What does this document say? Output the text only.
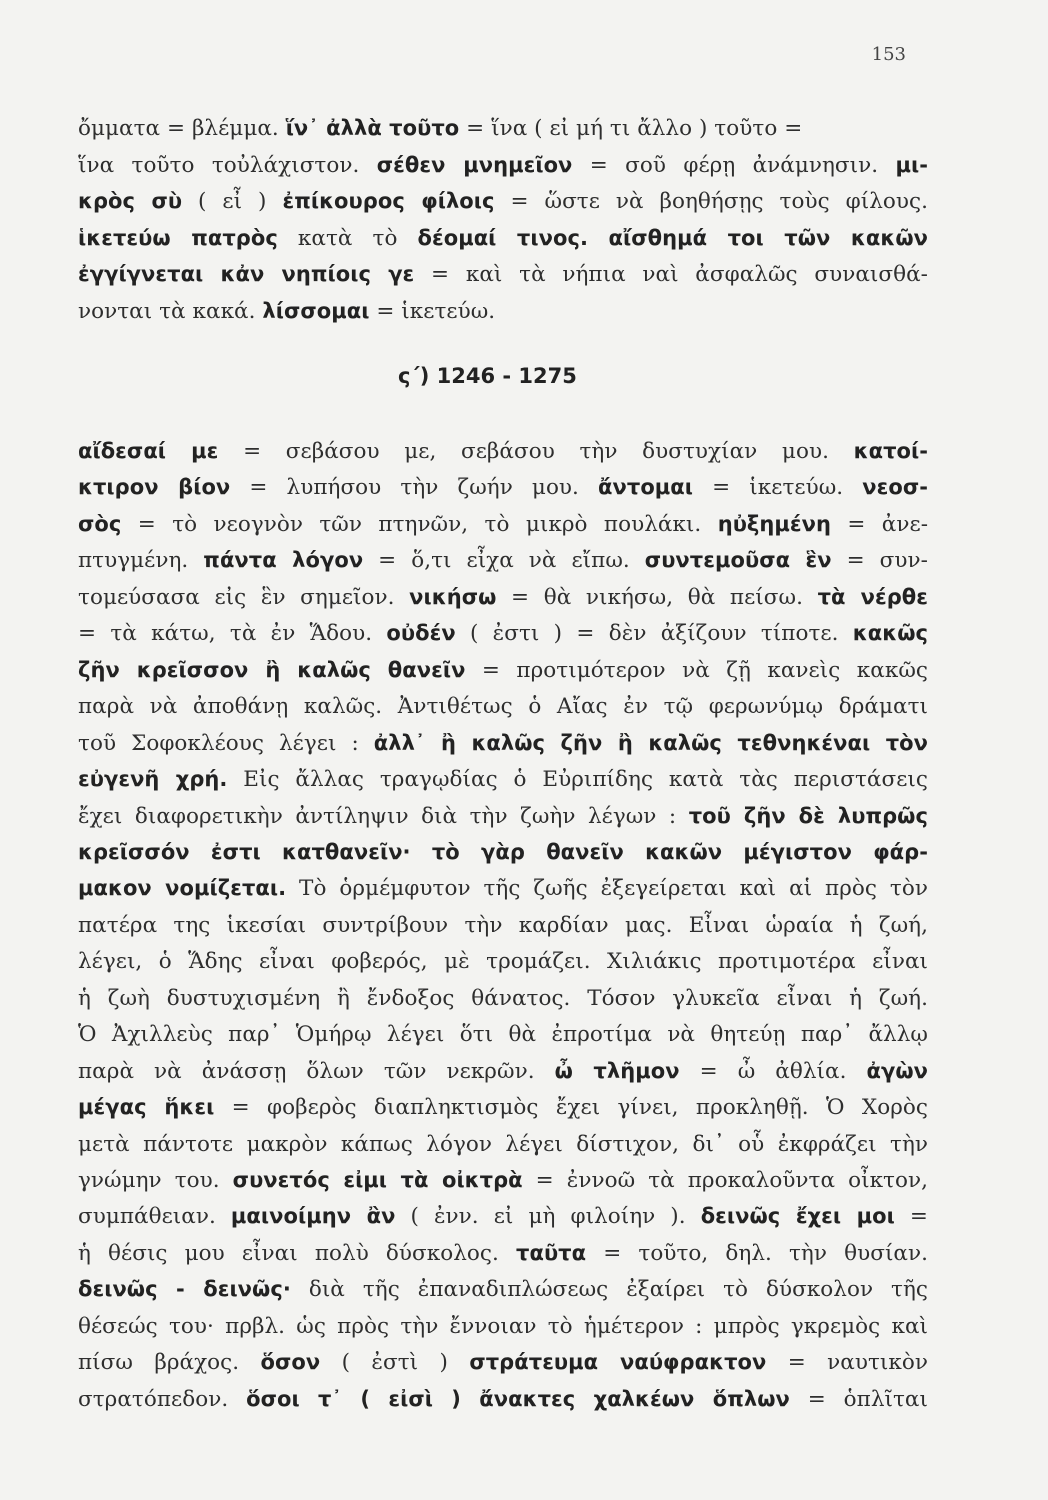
153
ὄμματα = βλέμμα. ἵν᾽ ἀλλὰ τοῦτο = ἵνα ( εἰ μή τι ἄλλο ) τοῦτο =
ἵνα τοῦτο τοὐλάχιστον. σέθεν μνημεῖον = σοῦ φέρῃ ἀνάμνησιν. μι-
κρὸς σὺ ( εἶ ) ἐπίκουρος φίλοις = ὥστε νὰ βοηθήσῃς τοὺς φίλους.
ἱκετεύω πατρὸς κατὰ τὸ δέομαί τινος. αἴσθημά τοι τῶν κακῶν
ἐγγίγνεται κἀν νηπίοις γε = καὶ τὰ νήπια ναὶ ἀσφαλῶς συναισθά-
νονται τὰ κακά. λίσσομαι = ἱκετεύω.
αἴδεσαί με = σεβάσου με, σεβάσου τὴν δυστυχίαν μου. κατοί-
κτιρον βίον = λυπήσου τὴν ζωήν μου. ἄντομαι = ἱκετεύω. νεοσ-
σὸς = τὸ νεογνὸν τῶν πτηνῶν, τὸ μικρὸ πουλάκι. ηὐξημένη = ἀνε-
πτυγμένη. πάντα λόγον = ὅ,τι εἶχα νὰ εἴπω. συντεμοῦσα ἓν = συν-
τομεύσασα εἰς ἓν σημεῖον. νικήσω = θὰ νικήσω, θὰ πείσω. τὰ νέρθε
= τὰ κάτω, τὰ ἐν Ἅδου. οὐδέν ( ἐστι ) = δὲν ἀξίζουν τίποτε. κακῶς
ζῆν κρεῖσσον ἢ καλῶς θανεῖν = προτιμότερον νὰ ζῇ κανεὶς κακῶς
παρὰ νὰ ἀποθάνῃ καλῶς. Ἀντιθέτως ὁ Αἴας ἐν τῷ φερωνύμῳ δράματι
τοῦ Σοφοκλέους λέγει : ἀλλ᾽ ἢ καλῶς ζῆν ἢ καλῶς τεθνηκέναι τὸν
εὐγενῆ χρή. Εἰς ἄλλας τραγῳδίας ὁ Εὐριπίδης κατὰ τὰς περιστάσεις
ἔχει διαφορετικὴν ἀντίληψιν διὰ τὴν ζωὴν λέγων : τοῦ ζῆν δὲ λυπρῶς
κρεῖσσόν ἐστι κατθανεῖν· τὸ γὰρ θανεῖν κακῶν μέγιστον φάρ-
μακον νομίζεται. Τὸ ὁρμέμφυτον τῆς ζωῆς ἐξεγείρεται καὶ αἱ πρὸς τὸν
πατέρα της ἱκεσίαι συντρίβουν τὴν καρδίαν μας. Εἶναι ὡραία ἡ ζωή,
λέγει, ὁ Ἅδης εἶναι φοβερός, μὲ τρομάζει. Χιλιάκις προτιμοτέρα εἶναι
ἡ ζωὴ δυστυχισμένη ἢ ἔνδοξος θάνατος. Τόσον γλυκεῖα εἶναι ἡ ζωή.
Ὁ Ἀχιλλεὺς παρ᾽ Ὁμήρῳ λέγει ὅτι θὰ ἐπροτίμα νὰ θητεύῃ παρ᾽ ἄλλῳ
παρὰ νὰ ἀνάσσῃ ὅλων τῶν νεκρῶν. ὦ τλῆμον = ὦ ἀθλία. ἀγὼν
μέγας ἥκει = φοβερὸς διαπληκτισμὸς ἔχει γίνει, προκληθῇ. Ὁ Χορὸς
μετὰ πάντοτε μακρὸν κάπως λόγον λέγει δίστιχον, δι᾽ οὗ ἐκφράζει τὴν
γνώμην του. συνετός εἰμι τὰ οἰκτρὰ = ἐννοῶ τὰ προκαλοῦντα οἶκτον,
συμπάθειαν. μαινοίμην ἂν ( ἐνν. εἰ μὴ φιλοίην ). δεινῶς ἔχει μοι =
ἡ θέσις μου εἶναι πολὺ δύσκολος. ταῦτα = τοῦτο, δηλ. τὴν θυσίαν.
δεινῶς - δεινῶς· διὰ τῆς ἐπαναδιπλώσεως ἐξαίρει τὸ δύσκολον τῆς
θέσεώς του· πρβλ. ὡς πρὸς τὴν ἔννοιαν τὸ ἡμέτερον : μπρὸς γκρεμὸς καὶ
πίσω βράχος. ὅσον ( ἐστὶ ) στράτευμα ναύφρακτον = ναυτικὸν
στρατόπεδον. ὅσοι τ᾽ ( εἰσὶ ) ἄνακτες χαλκέων ὅπλων = ὁπλῖται
ς΄) 1246 - 1275
